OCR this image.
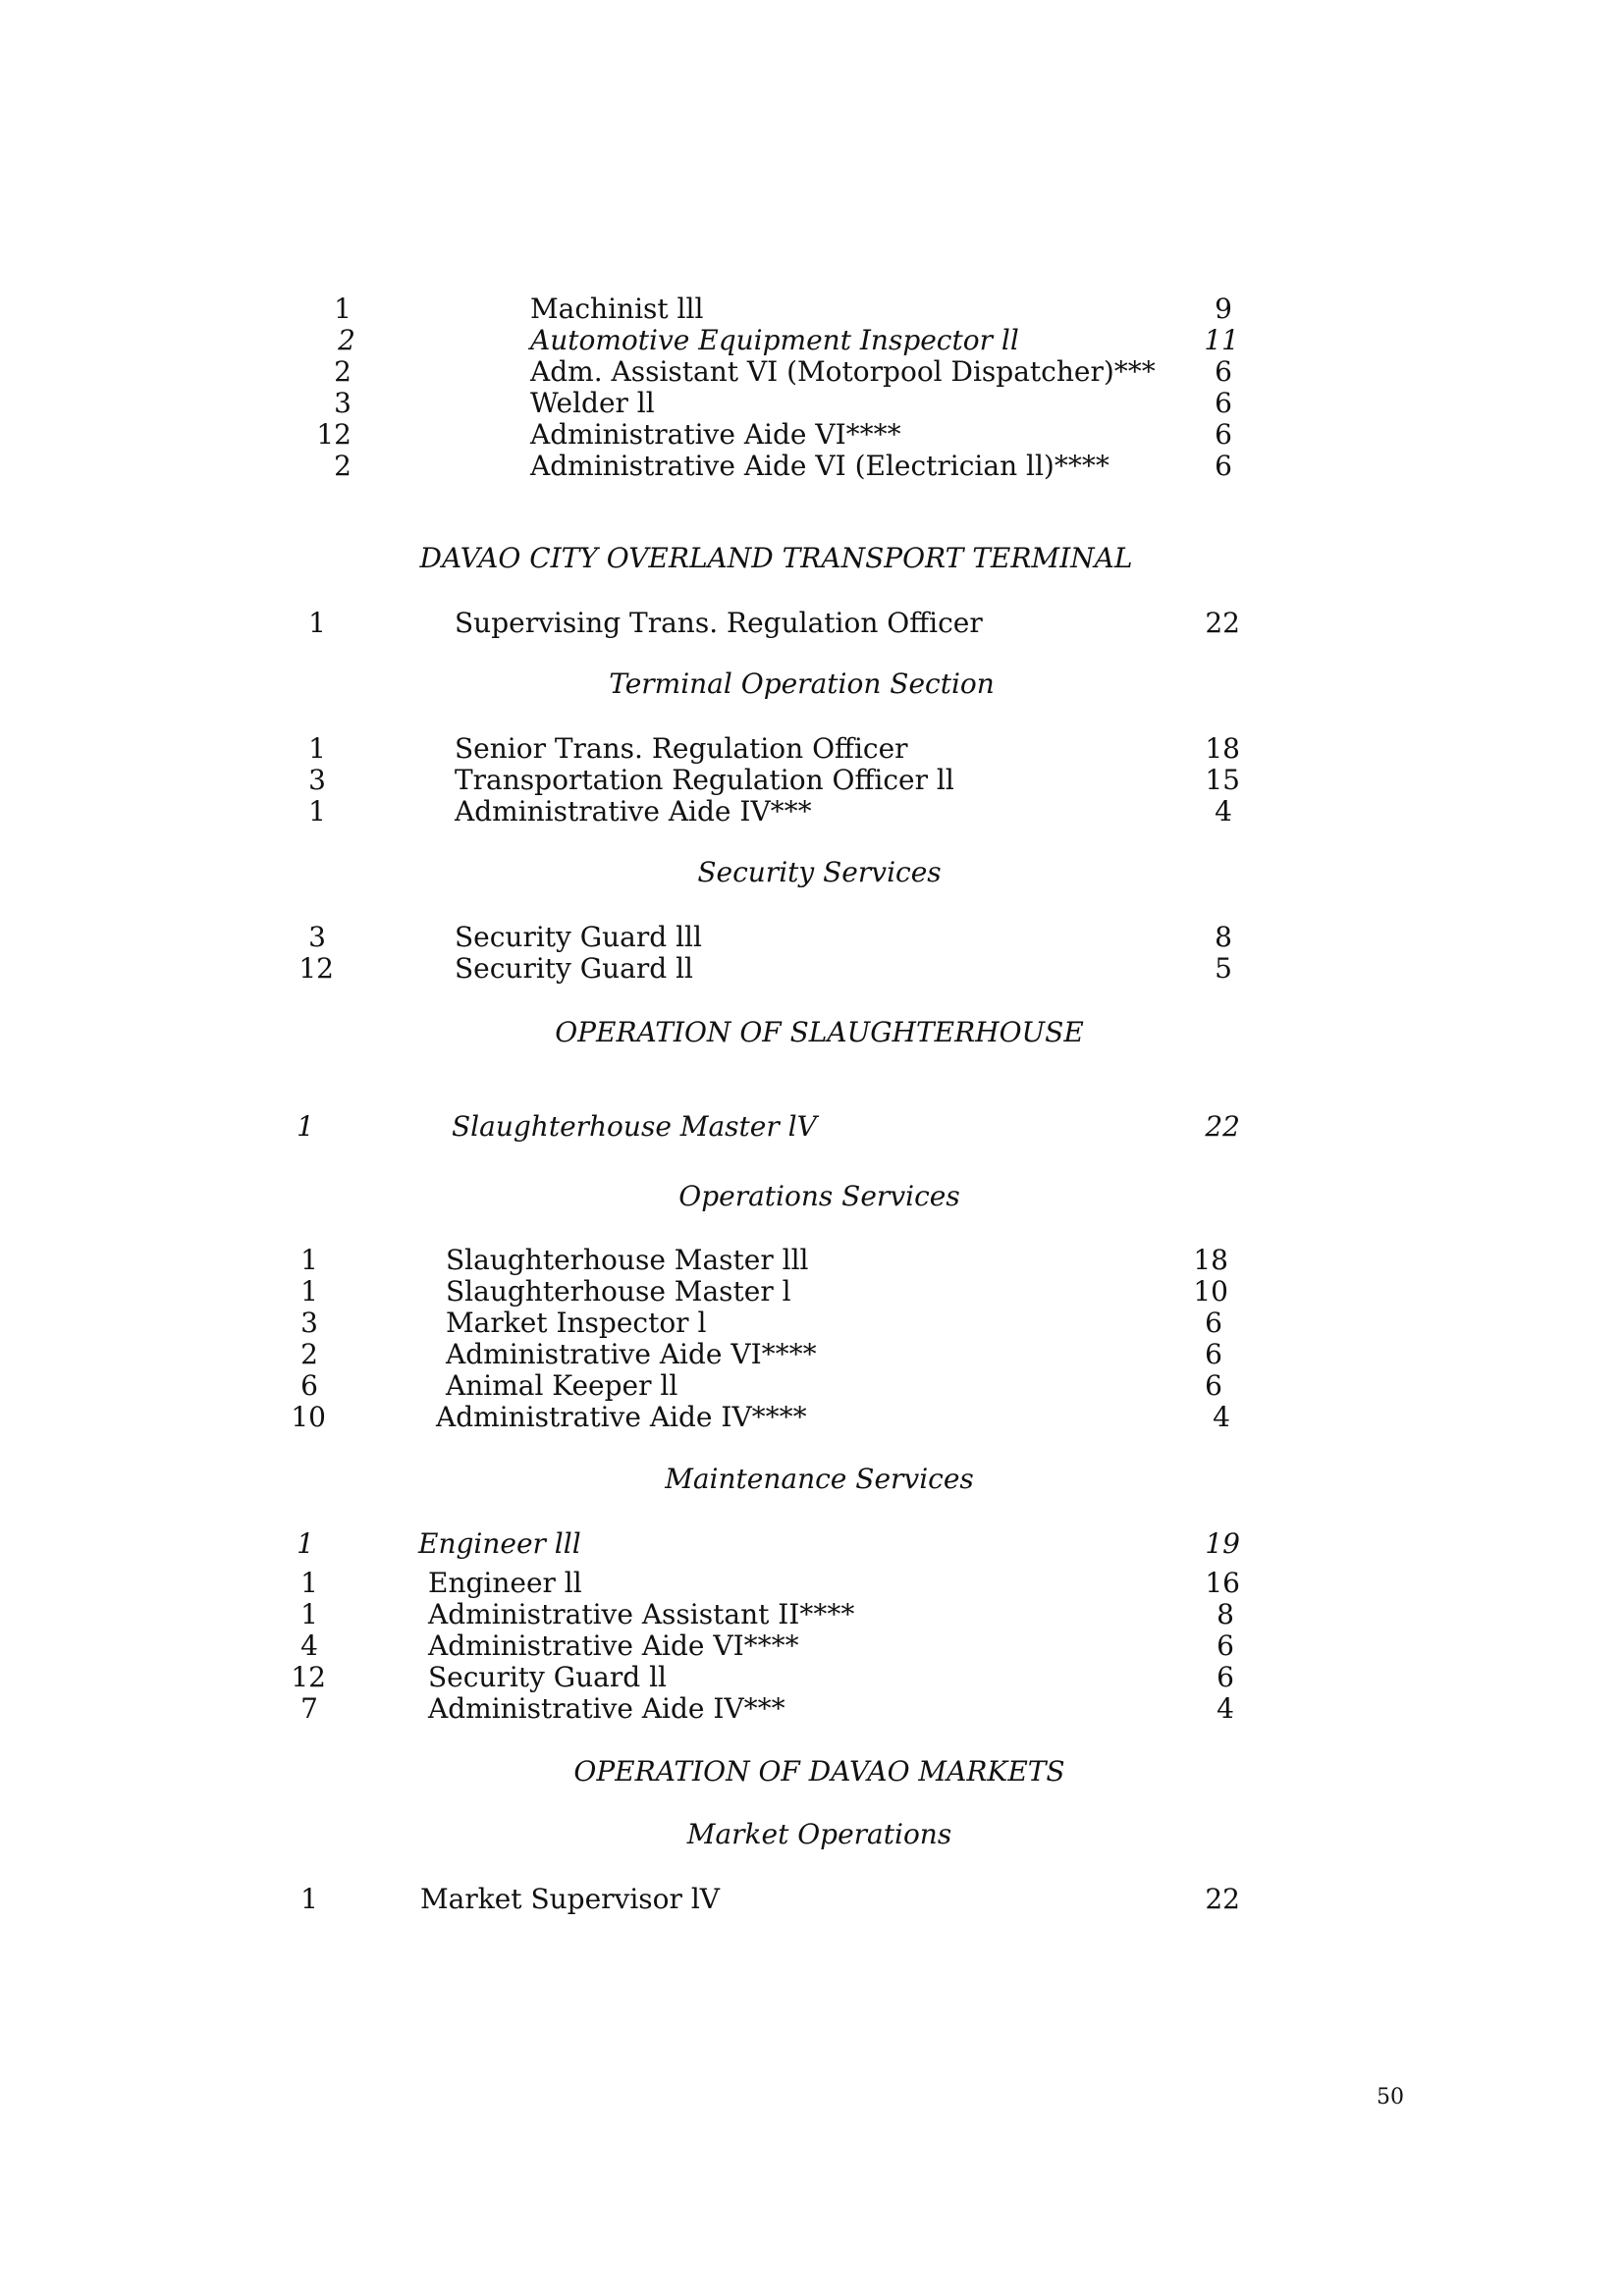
1	Machinist lll	9
2	Automotive Equipment Inspector ll	11
2	Adm. Assistant VI (Motorpool Dispatcher)***	6
3	Welder ll	6
12	Administrative Aide VI****	6
2	Administrative Aide VI (Electrician ll)****	6
1	Supervising Trans. Regulation Officer	22
1	Senior Trans. Regulation Officer	18
3	Transportation Regulation Officer ll	15
1	Administrative Aide IV***	4
3	Security Guard lll	8
12	Security Guard ll	5
1	Slaughterhouse Master lV	22
1	Slaughterhouse Master lll	18
1	Slaughterhouse Master l	10
3	Market Inspector l	6
2	Administrative Aide VI****	6
6	Animal Keeper ll	6
10	Administrative Aide IV****	4
1	Engineer lll	19
1	Engineer ll	16
1	Administrative Assistant II****	8
4	Administrative Aide VI****	6
12	Security Guard ll	6
7	Administrative Aide IV***	4
1	Market Supervisor lV	22
DAVAO CITY OVERLAND TRANSPORT TERMINAL
Terminal Operation Section
Security Services
OPERATION OF SLAUGHTERHOUSE
Operations Services
Maintenance Services
OPERATION OF DAVAO MARKETS
Market Operations
50
